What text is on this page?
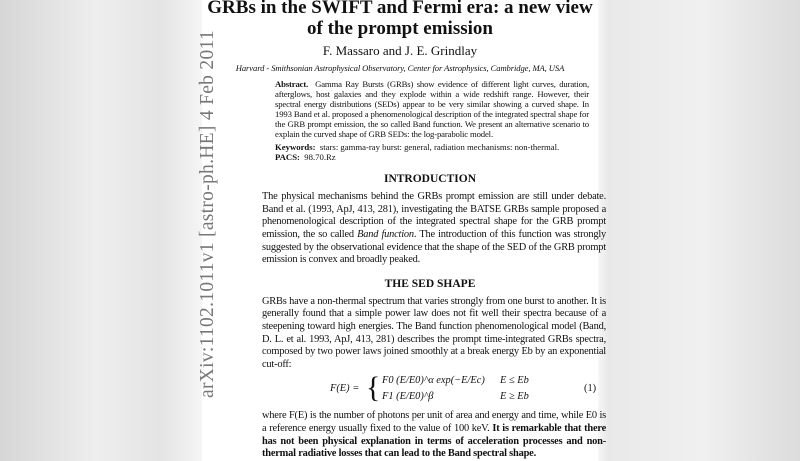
GRBs in the SWIFT and Fermi era: a new view
of the prompt emission
F. Massaro and J. E. Grindlay
Harvard - Smithsonian Astrophysical Observatory, Center for Astrophysics, Cambridge, MA, USA
Abstract. Gamma Ray Bursts (GRBs) show evidence of different light curves, duration, afterglows, host galaxies and they explode within a wide redshift range. However, their spectral energy distributions (SEDs) appear to be very similar showing a curved shape. In 1993 Band et al. proposed a phenomenological description of the integrated spectral shape for the GRB prompt emission, the so called Band function. We present an alternative scenario to explain the curved shape of GRB SEDs: the log-parabolic model.
Keywords: stars: gamma-ray burst: general, radiation mechanisms: non-thermal.
PACS: 98.70.Rz
INTRODUCTION
The physical mechanisms behind the GRBs prompt emission are still under debate. Band et al. (1993, ApJ, 413, 281), investigating the BATSE GRBs sample proposed a phenomenological description of the integrated spectral shape for the GRB prompt emission, the so called Band function. The introduction of this function was strongly suggested by the observational evidence that the shape of the SED of the GRB prompt emission is convex and broadly peaked.
THE SED SHAPE
GRBs have a non-thermal spectrum that varies strongly from one burst to another. It is generally found that a simple power law does not fit well their spectra because of a steepening toward high energies. The Band function phenomenological model (Band, D. L. et al. 1993, ApJ, 413, 281) describes the prompt time-integrated GRBs spectra, composed by two power laws joined smoothly at a break energy Eb by an exponential cut-off:
F(E) = { F0 (E/E0)^α exp(−E/Ec) E ≤ Eb
F1 (E/E0)^β	E ≥ Eb
(1)
where F(E) is the number of photons per unit of area and energy and time, while E0 is a reference energy usually fixed to the value of 100 keV. It is remarkable that there has not been physical explanation in terms of acceleration processes and non-thermal radiative losses that can lead to the Band spectral shape.
arXiv:1102.1011v1 [astro-ph.HE] 4 Feb 2011
